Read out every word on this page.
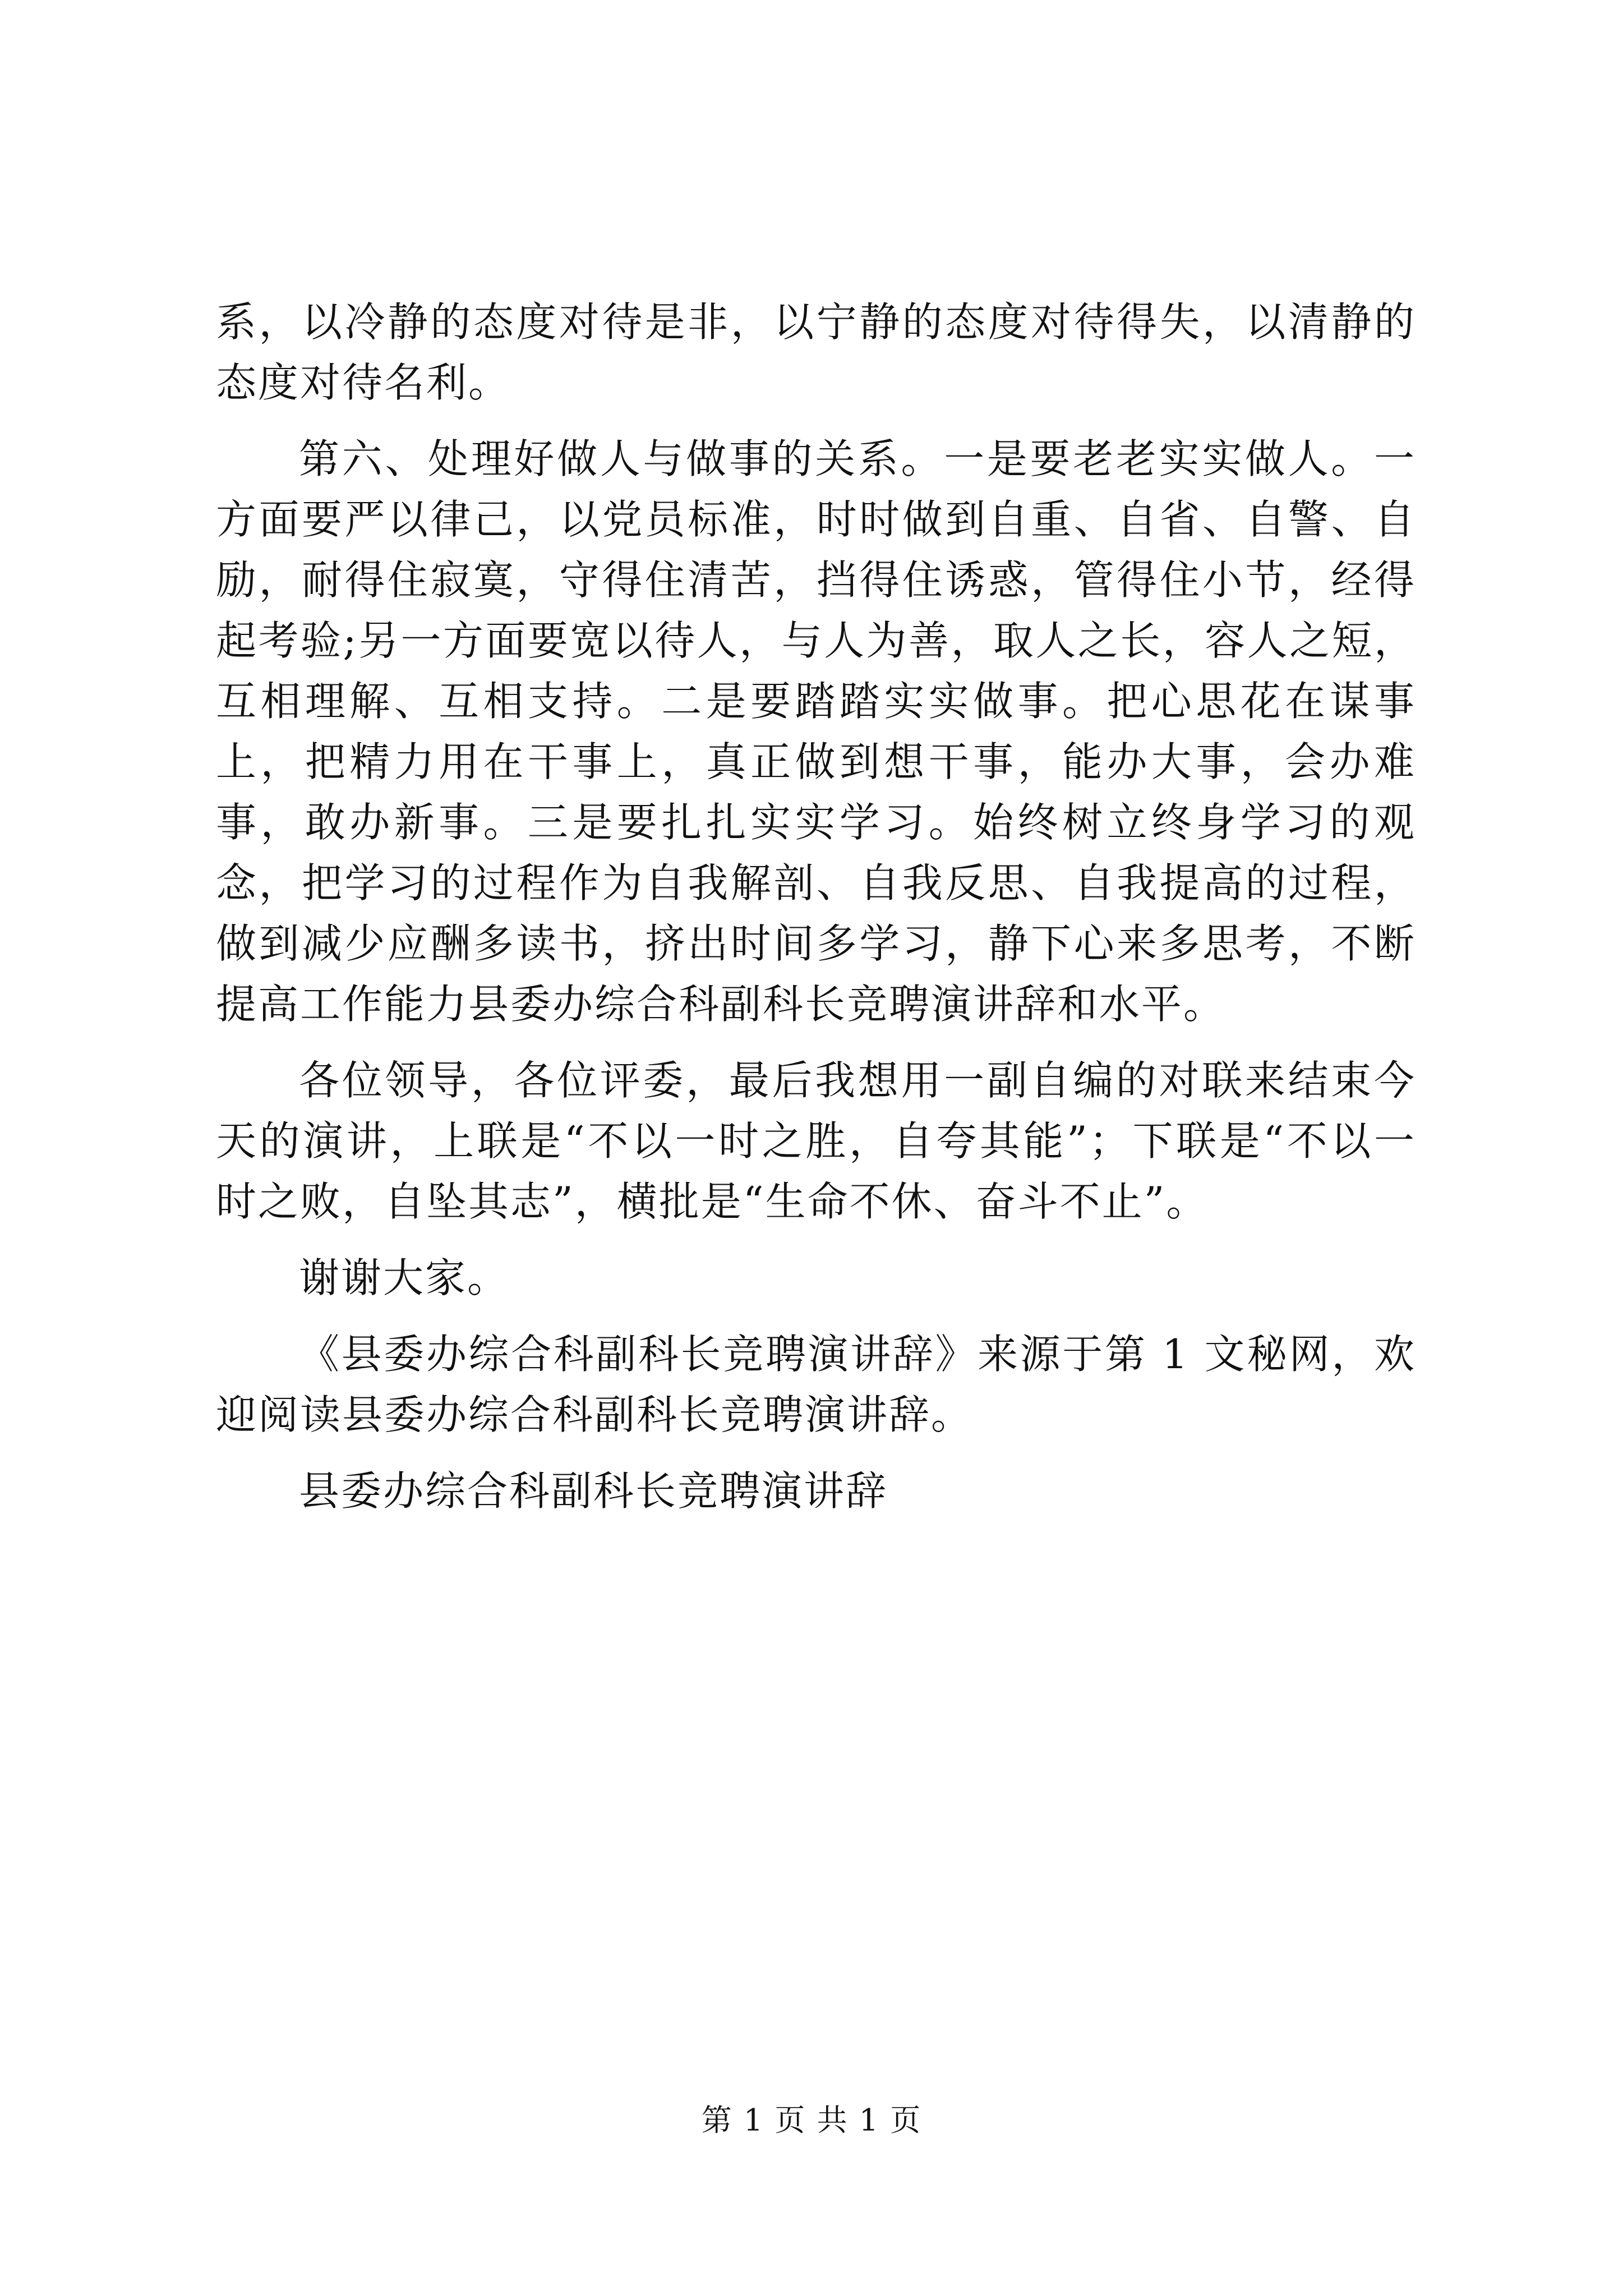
系，以冷静的态度对待是非，以宁静的态度对待得失，以清静的态度对待名利。

第六、处理好做人与做事的关系。一是要老老实实做人。一方面要严以律己，以党员标准，时时做到自重、自省、自警、自励，耐得住寂寞，守得住清苦，挡得住诱惑，管得住小节，经得起考验;另一方面要宽以待人，与人为善，取人之长，容人之短，互相理解、互相支持。二是要踏踏实实做事。把心思花在谋事上，把精力用在干事上，真正做到想干事，能办大事，会办难事，敢办新事。三是要扎扎实实学习。始终树立终身学习的观念，把学习的过程作为自我解剖、自我反思、自我提高的过程，做到减少应酬多读书，挤出时间多学习，静下心来多思考，不断提高工作能力县委办综合科副科长竞聘演讲辞和水平。

各位领导，各位评委，最后我想用一副自编的对联来结束今天的演讲，上联是“不以一时之胜，自夸其能”；下联是“不以一时之败，自坠其志”，横批是“生命不休、奋斗不止”。

谢谢大家。

《县委办综合科副科长竞聘演讲辞》来源于第 1 文秘网，欢迎阅读县委办综合科副科长竞聘演讲辞。

县委办综合科副科长竞聘演讲辞

第 1 页 共 1 页
